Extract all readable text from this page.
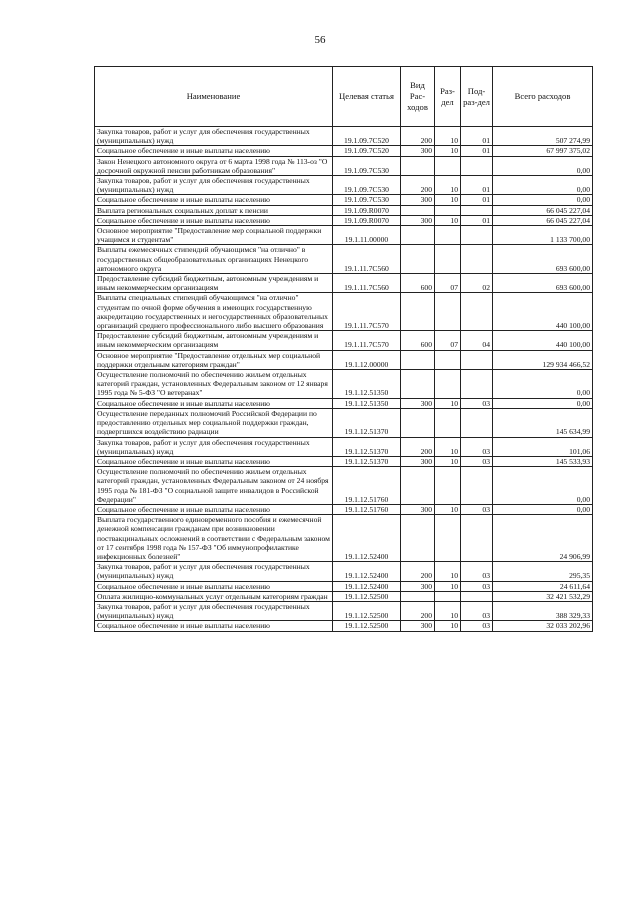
56
Наименование	Целевая статья	Вид Рас-ходов	Раз-дел	Под-раз-дел	Всего расходов
Закупка товаров, работ и услуг для обеспечения государственных (муниципальных) нужд	19.1.09.7С520	200	10	01	507 274,99
Социальное обеспечение и иные выплаты населению	19.1.09.7С520	300	10	01	67 997 375,02
Закон Ненецкого автономного округа от 6 марта 1998 года № 113-оз "О досрочной окружной пенсии работникам образования"	19.1.09.7С530				0,00
Закупка товаров, работ и услуг для обеспечения государственных (муниципальных) нужд	19.1.09.7С530	200	10	01	0,00
Социальное обеспечение и иные выплаты населению	19.1.09.7С530	300	10	01	0,00
Выплата региональных социальных доплат к пенсии	19.1.09.R0070				66 045 227,04
Социальное обеспечение и иные выплаты населению	19.1.09.R0070	300	10	01	66 045 227,04
Основное мероприятие "Предоставление мер социальной поддержки учащимся и студентам"	19.1.11.00000				1 133 700,00
Выплаты ежемесячных стипендий обучающимся "на отлично" в государственных общеобразовательных организациях Ненецкого автономного округа	19.1.11.7С560				693 600,00
Предоставление субсидий бюджетным, автономным учреждениям и иным некоммерческим организациям	19.1.11.7С560	600	07	02	693 600,00
Выплаты специальных стипендий обучающимся "на отлично" студентам по очной форме обучения в имеющих государственную аккредитацию государственных и негосударственных образовательных организаций среднего профессионального либо высшего образования	19.1.11.7С570				440 100,00
Предоставление субсидий бюджетным, автономным учреждениям и иным некоммерческим организациям	19.1.11.7С570	600	07	04	440 100,00
Основное мероприятие "Предоставление отдельных мер социальной поддержки отдельным категориям граждан"	19.1.12.00000				129 934 466,52
Осуществление полномочий по обеспечению жильем отдельных категорий граждан, установленных Федеральным законом от 12 января 1995 года № 5-ФЗ "О ветеранах"	19.1.12.51350				0,00
Социальное обеспечение и иные выплаты населению	19.1.12.51350	300	10	03	0,00
Осуществление переданных полномочий Российской Федерации по предоставлению отдельных мер социальной поддержки граждан, подвергшихся воздействию радиации	19.1.12.51370				145 634,99
Закупка товаров, работ и услуг для обеспечения государственных (муниципальных) нужд	19.1.12.51370	200	10	03	101,06
Социальное обеспечение и иные выплаты населению	19.1.12.51370	300	10	03	145 533,93
Осуществление полномочий по обеспечению жильем отдельных категорий граждан, установленных Федеральным законом от 24 ноября 1995 года № 181-ФЗ "О социальной защите инвалидов в Российской Федерации"	19.1.12.51760				0,00
Социальное обеспечение и иные выплаты населению	19.1.12.51760	300	10	03	0,00
Выплата государственного единовременного пособия и ежемесячной денежной компенсации гражданам при возникновении поствакцинальных осложнений в соответствии с Федеральным законом от 17 сентября 1998 года № 157-ФЗ "Об иммунопрофилактике инфекционных болезней"	19.1.12.52400				24 906,99
Закупка товаров, работ и услуг для обеспечения государственных (муниципальных) нужд	19.1.12.52400	200	10	03	295,35
Социальное обеспечение и иные выплаты населению	19.1.12.52400	300	10	03	24 611,64
Оплата жилищно-коммунальных услуг отдельным категориям граждан	19.1.12.52500				32 421 532,29
Закупка товаров, работ и услуг для обеспечения государственных (муниципальных) нужд	19.1.12.52500	200	10	03	388 329,33
Социальное обеспечение и иные выплаты населению	19.1.12.52500	300	10	03	32 033 202,96
